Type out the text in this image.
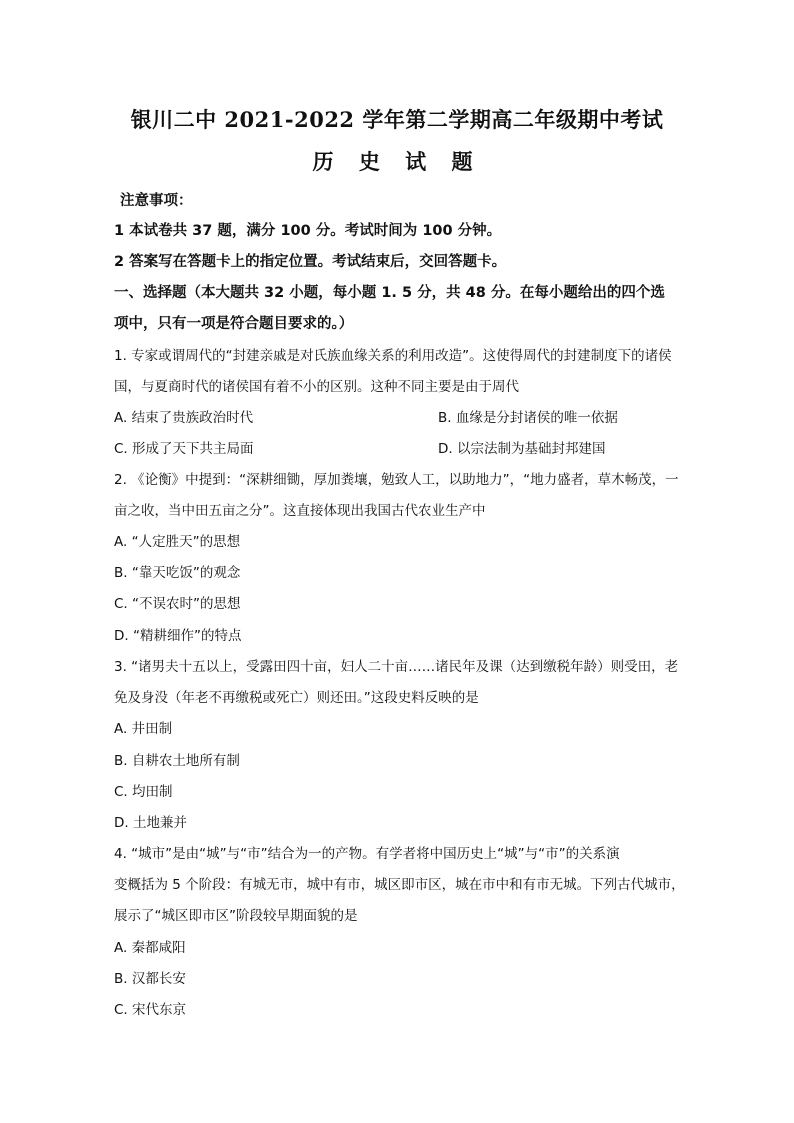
银川二中 2021-2022 学年第二学期高二年级期中考试
历 史 试 题
注意事项：
1 本试卷共 37 题，满分 100 分。考试时间为 100 分钟。
2 答案写在答题卡上的指定位置。考试结束后，交回答题卡。
一、选择题（本大题共 32 小题，每小题 1. 5 分，共 48 分。在每小题给出的四个选
项中，只有一项是符合题目要求的。）
1. 专家或谓周代的“封建亲戚是对氏族血缘关系的利用改造”。这使得周代的封建制度下的诸侯
国，与夏商时代的诸侯国有着不小的区别。这种不同主要是由于周代
A. 结束了贵族政治时代	B. 血缘是分封诸侯的唯一依据
C. 形成了天下共主局面	D. 以宗法制为基础封邦建国
2. 《论衡》中提到：“深耕细锄，厚加粪壤，勉致人工，以助地力”，“地力盛者，草木畅茂，一
亩之收，当中田五亩之分”。这直接体现出我国古代农业生产中
A. “人定胜天”的思想
B. “靠天吃饭”的观念
C. “不误农时”的思想
D. “精耕细作”的特点
3. “诸男夫十五以上，受露田四十亩，妇人二十亩……诸民年及课（达到缴税年龄）则受田，老
免及身没（年老不再缴税或死亡）则还田。”这段史料反映的是
A. 井田制
B. 自耕农土地所有制
C. 均田制
D. 土地兼并
4. “城市”是由“城”与“市”结合为一的产物。有学者将中国历史上“城”与“市”的关系演
变概括为 5 个阶段：有城无市，城中有市，城区即市区，城在市中和有市无城。下列古代城市，
展示了“城区即市区”阶段较早期面貌的是
A. 秦都咸阳
B. 汉都长安
C. 宋代东京
